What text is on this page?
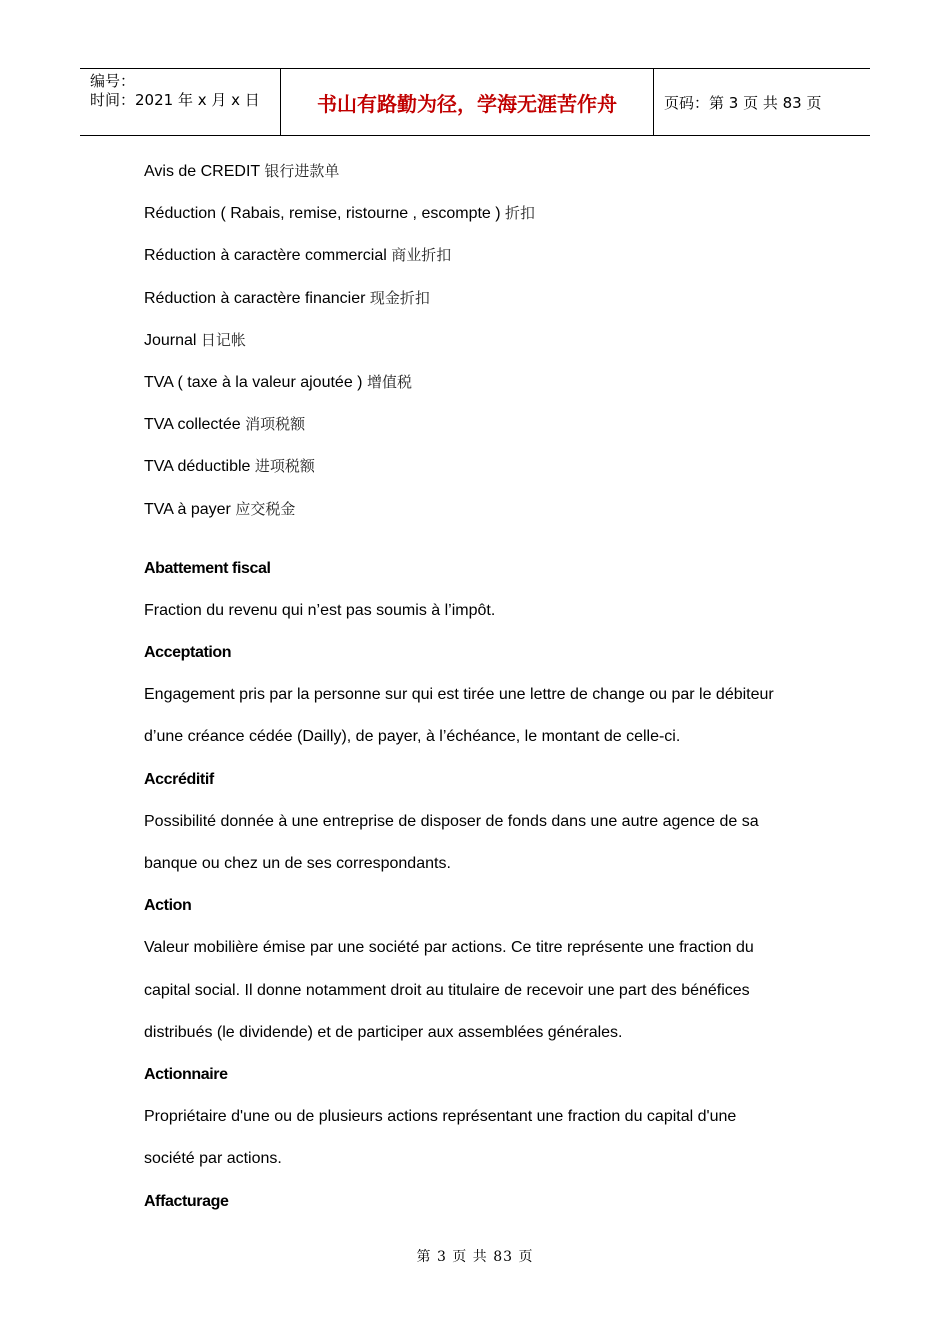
编号：
时间：2021 年 x 月 x 日	书山有路勤为径，学海无涯苦作舟	页码：第 3 页 共 83 页
Avis de CREDIT 银行进款单
Réduction ( Rabais, remise, ristourne , escompte ) 折扣
Réduction à caractère commercial 商业折扣
Réduction à caractère financier 现金折扣
Journal 日记帐
TVA ( taxe à la valeur ajoutée ) 增值税
TVA collectée 消项税额
TVA déductible 进项税额
TVA à payer 应交税金
Abattement fiscal
Fraction du revenu qui n’est pas soumis à l’impôt.
Acceptation
Engagement pris par la personne sur qui est tirée une lettre de change ou par le débiteur
d’une créance cédée (Dailly), de payer, à l’échéance, le montant de celle-ci.
Accréditif
Possibilité donnée à une entreprise de disposer de fonds dans une autre agence de sa
banque ou chez un de ses correspondants.
Action
Valeur mobilière émise par une société par actions. Ce titre représente une fraction du
capital social. Il donne notamment droit au titulaire de recevoir une part des bénéfices
distribués (le dividende) et de participer aux assemblées générales.
Actionnaire
Propriétaire d'une ou de plusieurs actions représentant une fraction du capital d'une
société par actions.
Affacturage
第 3 页 共 83 页
